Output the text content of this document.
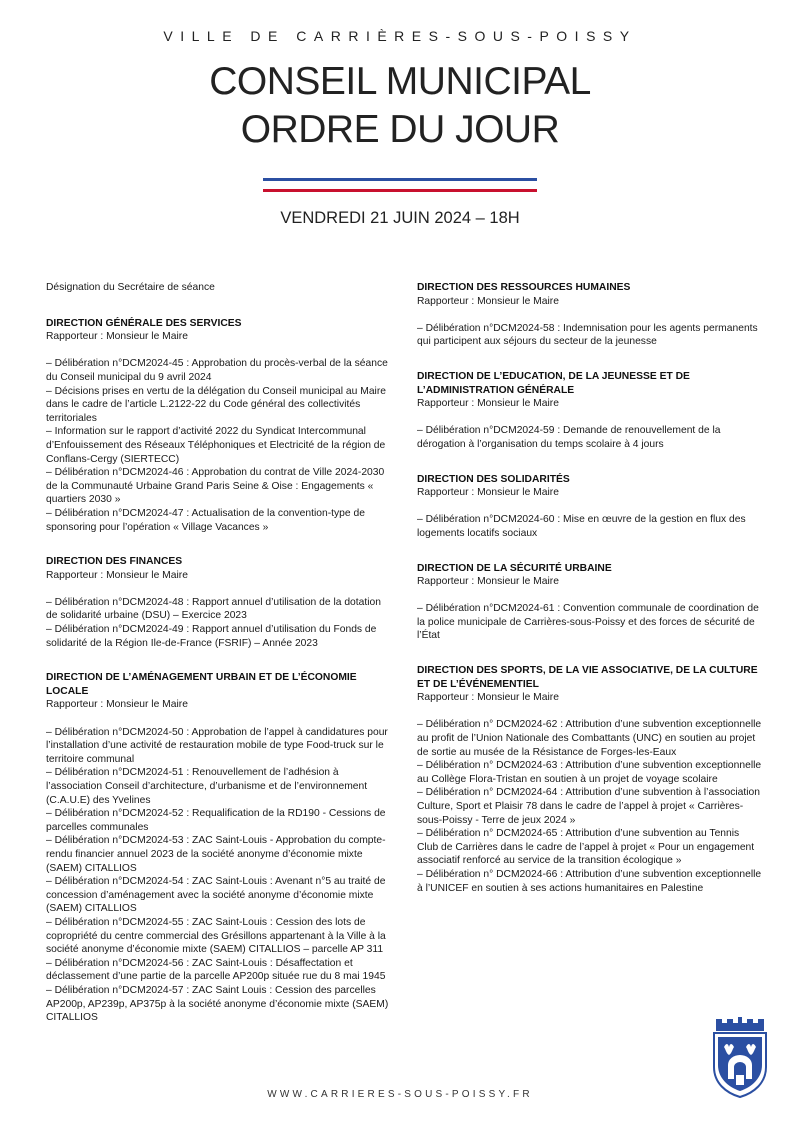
VILLE DE CARRIÈRES-SOUS-POISSY

CONSEIL MUNICIPAL
ORDRE DU JOUR

VENDREDI 21 JUIN 2024 – 18H

Désignation du Secrétaire de séance

DIRECTION GÉNÉRALE DES SERVICES

Rapporteur : Monsieur le Maire

– Délibération n°DCM2024-45 : Approbation du procès-verbal de la séance du Conseil municipal du 9 avril 2024
– Décisions prises en vertu de la délégation du Conseil municipal au Maire dans le cadre de l’article L.2122-22 du Code général des collectivités territoriales
– Information sur le rapport d’activité 2022 du Syndicat Intercommunal d’Enfouissement des Réseaux Téléphoniques et Electricité de la région de Conflans-Cergy (SIERTECC)
– Délibération n°DCM2024-46 : Approbation du contrat de Ville 2024-2030 de la Communauté Urbaine Grand Paris Seine & Oise : Engagements « quartiers 2030 »
– Délibération n°DCM2024-47 : Actualisation de la convention-type de sponsoring pour l’opération « Village Vacances »
DIRECTION DES FINANCES

Rapporteur : Monsieur le Maire

– Délibération n°DCM2024-48 : Rapport annuel d’utilisation de la dotation de solidarité urbaine (DSU) – Exercice 2023
– Délibération n°DCM2024-49 : Rapport annuel d’utilisation du Fonds de solidarité de la Région Ile-de-France (FSRIF) – Année 2023
DIRECTION DE L’AMÉNAGEMENT URBAIN ET DE L’ÉCONOMIE LOCALE

Rapporteur : Monsieur le Maire

– Délibération n°DCM2024-50 : Approbation de l’appel à candidatures pour l’installation d’une activité de restauration mobile de type Food-truck sur le territoire communal
– Délibération n°DCM2024-51 : Renouvellement de l’adhésion à l’association Conseil d’architecture, d’urbanisme et de l’environnement (C.A.U.E) des Yvelines
– Délibération n°DCM2024-52 : Requalification de la RD190 - Cessions de parcelles communales
– Délibération n°DCM2024-53 : ZAC Saint-Louis - Approbation du compte-rendu financier annuel 2023 de la société anonyme d’économie mixte (SAEM) CITALLIOS
– Délibération n°DCM2024-54 : ZAC Saint-Louis : Avenant n°5 au traité de concession d’aménagement avec la société anonyme d’économie mixte (SAEM) CITALLIOS
– Délibération n°DCM2024-55 : ZAC Saint-Louis : Cession des lots de copropriété du centre commercial des Grésillons appartenant à la Ville à la société anonyme d’économie mixte (SAEM) CITALLIOS – parcelle AP 311
– Délibération n°DCM2024-56 : ZAC Saint-Louis : Désaffectation et déclassement d’une partie de la parcelle AP200p située rue du 8 mai 1945
– Délibération n°DCM2024-57 : ZAC Saint Louis : Cession des parcelles AP200p, AP239p, AP375p à la société anonyme d’économie mixte (SAEM) CITALLIOS
DIRECTION DES RESSOURCES HUMAINES

Rapporteur : Monsieur le Maire

– Délibération n°DCM2024-58 : Indemnisation pour les agents permanents qui participent aux séjours du secteur de la jeunesse
DIRECTION DE L’EDUCATION, DE LA JEUNESSE ET DE L’ADMINISTRATION GÉNÉRALE

Rapporteur : Monsieur le Maire

– Délibération n°DCM2024-59 : Demande de renouvellement de la dérogation à l’organisation du temps scolaire à 4 jours
DIRECTION DES SOLIDARITÉS

Rapporteur : Monsieur le Maire

– Délibération n°DCM2024-60 : Mise en œuvre de la gestion en flux des logements locatifs sociaux
DIRECTION DE LA SÉCURITÉ URBAINE

Rapporteur : Monsieur le Maire

– Délibération n°DCM2024-61 : Convention communale de coordination de la police municipale de Carrières-sous-Poissy et des forces de sécurité de l’État
DIRECTION DES SPORTS, DE LA VIE ASSOCIATIVE, DE LA CULTURE ET DE L’ÉVÉNEMENTIEL

Rapporteur : Monsieur le Maire

– Délibération n° DCM2024-62 : Attribution d’une subvention exceptionnelle au profit de l’Union Nationale des Combattants (UNC) en soutien au projet de sortie au musée de la Résistance de Forges-les-Eaux
– Délibération n° DCM2024-63 : Attribution d’une subvention exceptionnelle au Collège Flora-Tristan en soutien à un projet de voyage scolaire
– Délibération n° DCM2024-64 : Attribution d’une subvention à l’association Culture, Sport et Plaisir 78 dans le cadre de l’appel à projet « Carrières-sous-Poissy - Terre de jeux 2024 »
– Délibération n° DCM2024-65 : Attribution d’une subvention au Tennis Club de Carrières dans le cadre de l’appel à projet « Pour un engagement associatif renforcé au service de la transition écologique »
– Délibération n° DCM2024-66 : Attribution d’une subvention exceptionnelle à l’UNICEF en soutien à ses actions humanitaires en Palestine

WWW.CARRIERES-SOUS-POISSY.FR
